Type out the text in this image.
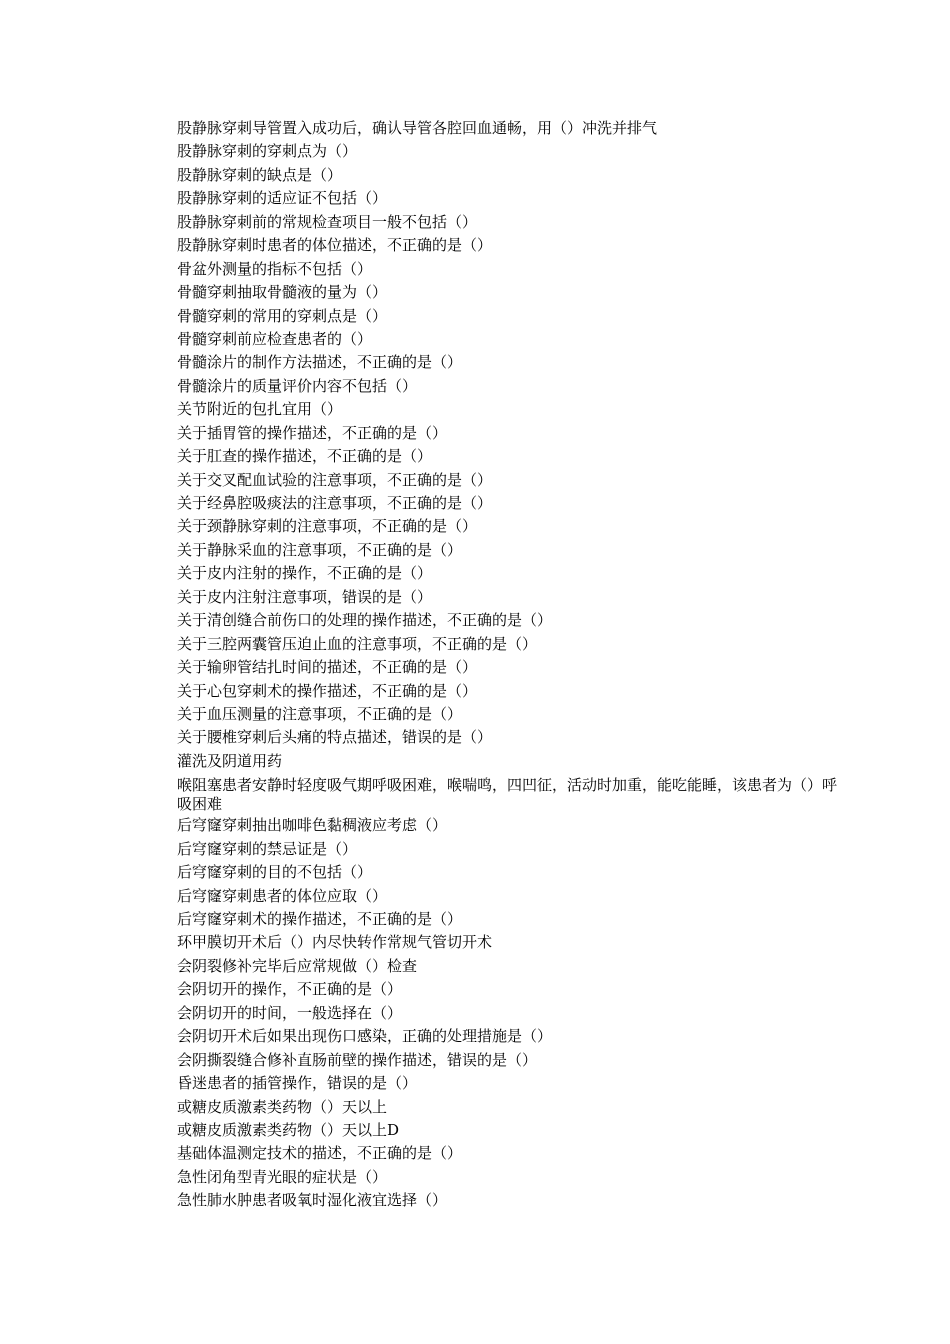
股静脉穿刺导管置入成功后，确认导管各腔回血通畅，用（）冲洗并排气
股静脉穿刺的穿刺点为（）
股静脉穿刺的缺点是（）
股静脉穿刺的适应证不包括（）
股静脉穿刺前的常规检查项目一般不包括（）
股静脉穿刺时患者的体位描述，不正确的是（）
骨盆外测量的指标不包括（）
骨髓穿刺抽取骨髓液的量为（）
骨髓穿刺的常用的穿刺点是（）
骨髓穿刺前应检查患者的（）
骨髓涂片的制作方法描述，不正确的是（）
骨髓涂片的质量评价内容不包括（）
关节附近的包扎宜用（）
关于插胃管的操作描述，不正确的是（）
关于肛查的操作描述，不正确的是（）
关于交叉配血试验的注意事项，不正确的是（）
关于经鼻腔吸痰法的注意事项，不正确的是（）
关于颈静脉穿刺的注意事项，不正确的是（）
关于静脉采血的注意事项，不正确的是（）
关于皮内注射的操作，不正确的是（）
关于皮内注射注意事项，错误的是（）
关于清创缝合前伤口的处理的操作描述，不正确的是（）
关于三腔两囊管压迫止血的注意事项，不正确的是（）
关于输卵管结扎时间的描述，不正确的是（）
关于心包穿刺术的操作描述，不正确的是（）
关于血压测量的注意事项，不正确的是（）
关于腰椎穿刺后头痛的特点描述，错误的是（）
灌洗及阴道用药
喉阻塞患者安静时轻度吸气期呼吸困难，喉喘鸣，四凹征，活动时加重，能吃能睡，该患者为（）呼吸困难
后穹窿穿刺抽出咖啡色黏稠液应考虑（）
后穹窿穿刺的禁忌证是（）
后穹窿穿刺的目的不包括（）
后穹窿穿刺患者的体位应取（）
后穹窿穿刺术的操作描述，不正确的是（）
环甲膜切开术后（）内尽快转作常规气管切开术
会阴裂修补完毕后应常规做（）检查
会阴切开的操作，不正确的是（）
会阴切开的时间，一般选择在（）
会阴切开术后如果出现伤口感染，正确的处理措施是（）
会阴撕裂缝合修补直肠前壁的操作描述，错误的是（）
昏迷患者的插管操作，错误的是（）
或糖皮质激素类药物（）天以上
或糖皮质激素类药物（）天以上D
基础体温测定技术的描述，不正确的是（）
急性闭角型青光眼的症状是（）
急性肺水肿患者吸氧时湿化液宜选择（）
